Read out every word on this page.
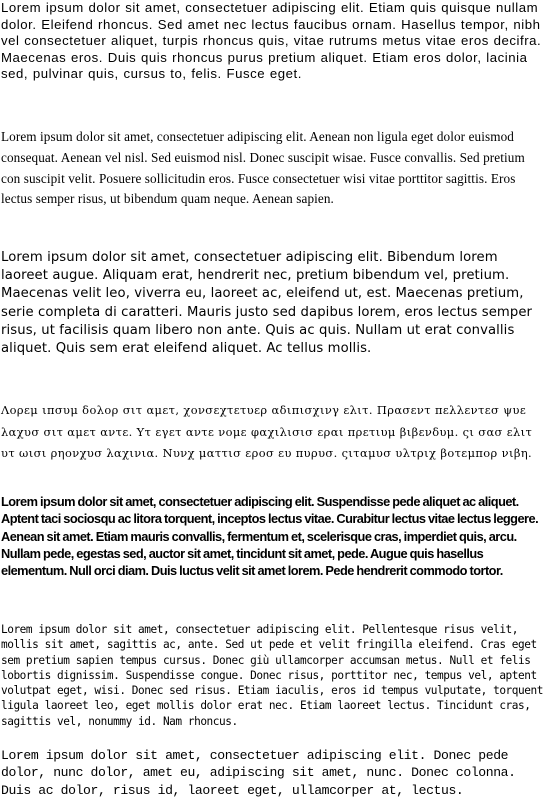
Lorem ipsum dolor sit amet, consectetuer adipiscing elit. Etiam quis quisque nullam dolor. Eleifend rhoncus. Sed amet nec lectus faucibus ornam. Hasellus tempor, nibh vel consectetuer aliquet, turpis rhoncus quis, vitae rutrums metus vitae eros decifra. Maecenas eros. Duis quis rhoncus purus pretium aliquet. Etiam eros dolor, lacinia sed, pulvinar quis, cursus to, felis. Fusce eget.

Lorem ipsum dolor sit amet, consectetuer adipiscing elit. Aenean non ligula eget dolor euismod consequat. Aenean vel nisl. Sed euismod nisl. Donec suscipit wisae. Fusce convallis. Sed pretium con suscipit velit. Posuere sollicitudin eros. Fusce consectetuer wisi vitae porttitor sagittis. Eros lectus semper risus, ut bibendum quam neque. Aenean sapien.

Lorem ipsum dolor sit amet, consectetuer adipiscing elit. Bibendum lorem laoreet augue. Aliquam erat, hendrerit nec, pretium bibendum vel, pretium. Maecenas velit leo, viverra eu, laoreet ac, eleifend ut, est. Maecenas pretium, serie completa di caratteri. Mauris justo sed dapibus lorem, eros lectus semper risus, ut facilisis quam libero non ante. Quis ac quis. Nullam ut erat convallis aliquet. Quis sem erat eleifend aliquet. Ac tellus mollis.

Λορεμ ιπσυμ δολορ σιτ αμετ, χονσεχτετυερ αδιπισχινγ ελιτ. Πρασεντ πελλεντεσ ψυε λαχυσ σιτ αμετ αντε. Υτ εγετ αντε νομε φαχιλισισ εραι πρετιυμ βιβενδυμ. ςι σασ ελιτ υτ ωισι ρηονχυσ λαχινια. Νυνχ ματτισ εροσ ευ πυρυσ. ςιταμυσ υλτριχ βοτεμπορ νιβη.

Lorem ipsum dolor sit amet, consectetuer adipiscing elit. Suspendisse pede aliquet ac aliquet. Aptent taci sociosqu ac litora torquent, inceptos lectus vitae. Curabitur lectus vitae lectus leggere. Aenean sit amet. Etiam mauris convallis, fermentum et, scelerisque cras, imperdiet quis, arcu. Nullam pede, egestas sed, auctor sit amet, tincidunt sit amet, pede. Augue quis hasellus elementum. Null orci diam. Duis luctus velit sit amet lorem. Pede hendrerit commodo tortor.

Lorem ipsum dolor sit amet, consectetuer adipiscing elit. Pellentesque risus velit, mollis sit amet, sagittis ac, ante. Sed ut pede et velit fringilla eleifend. Cras eget sem pretium sapien tempus cursus. Donec giù ullamcorper accumsan metus. Null et felis lobortis dignissim. Suspendisse congue. Donec risus, porttitor nec, tempus vel, aptent volutpat eget, wisi. Donec sed risus. Etiam iaculis, eros id tempus vulputate, torquent ligula laoreet leo, eget mollis dolor erat nec. Etiam laoreet lectus. Tincidunt cras, sagittis vel, nonummy id. Nam rhoncus.

Lorem ipsum dolor sit amet, consectetuer adipiscing elit. Donec pede dolor, nunc dolor, amet eu, adipiscing sit amet, nunc. Donec colonna. Duis ac dolor, risus id, laoreet eget, ullamcorper at, lectus.
